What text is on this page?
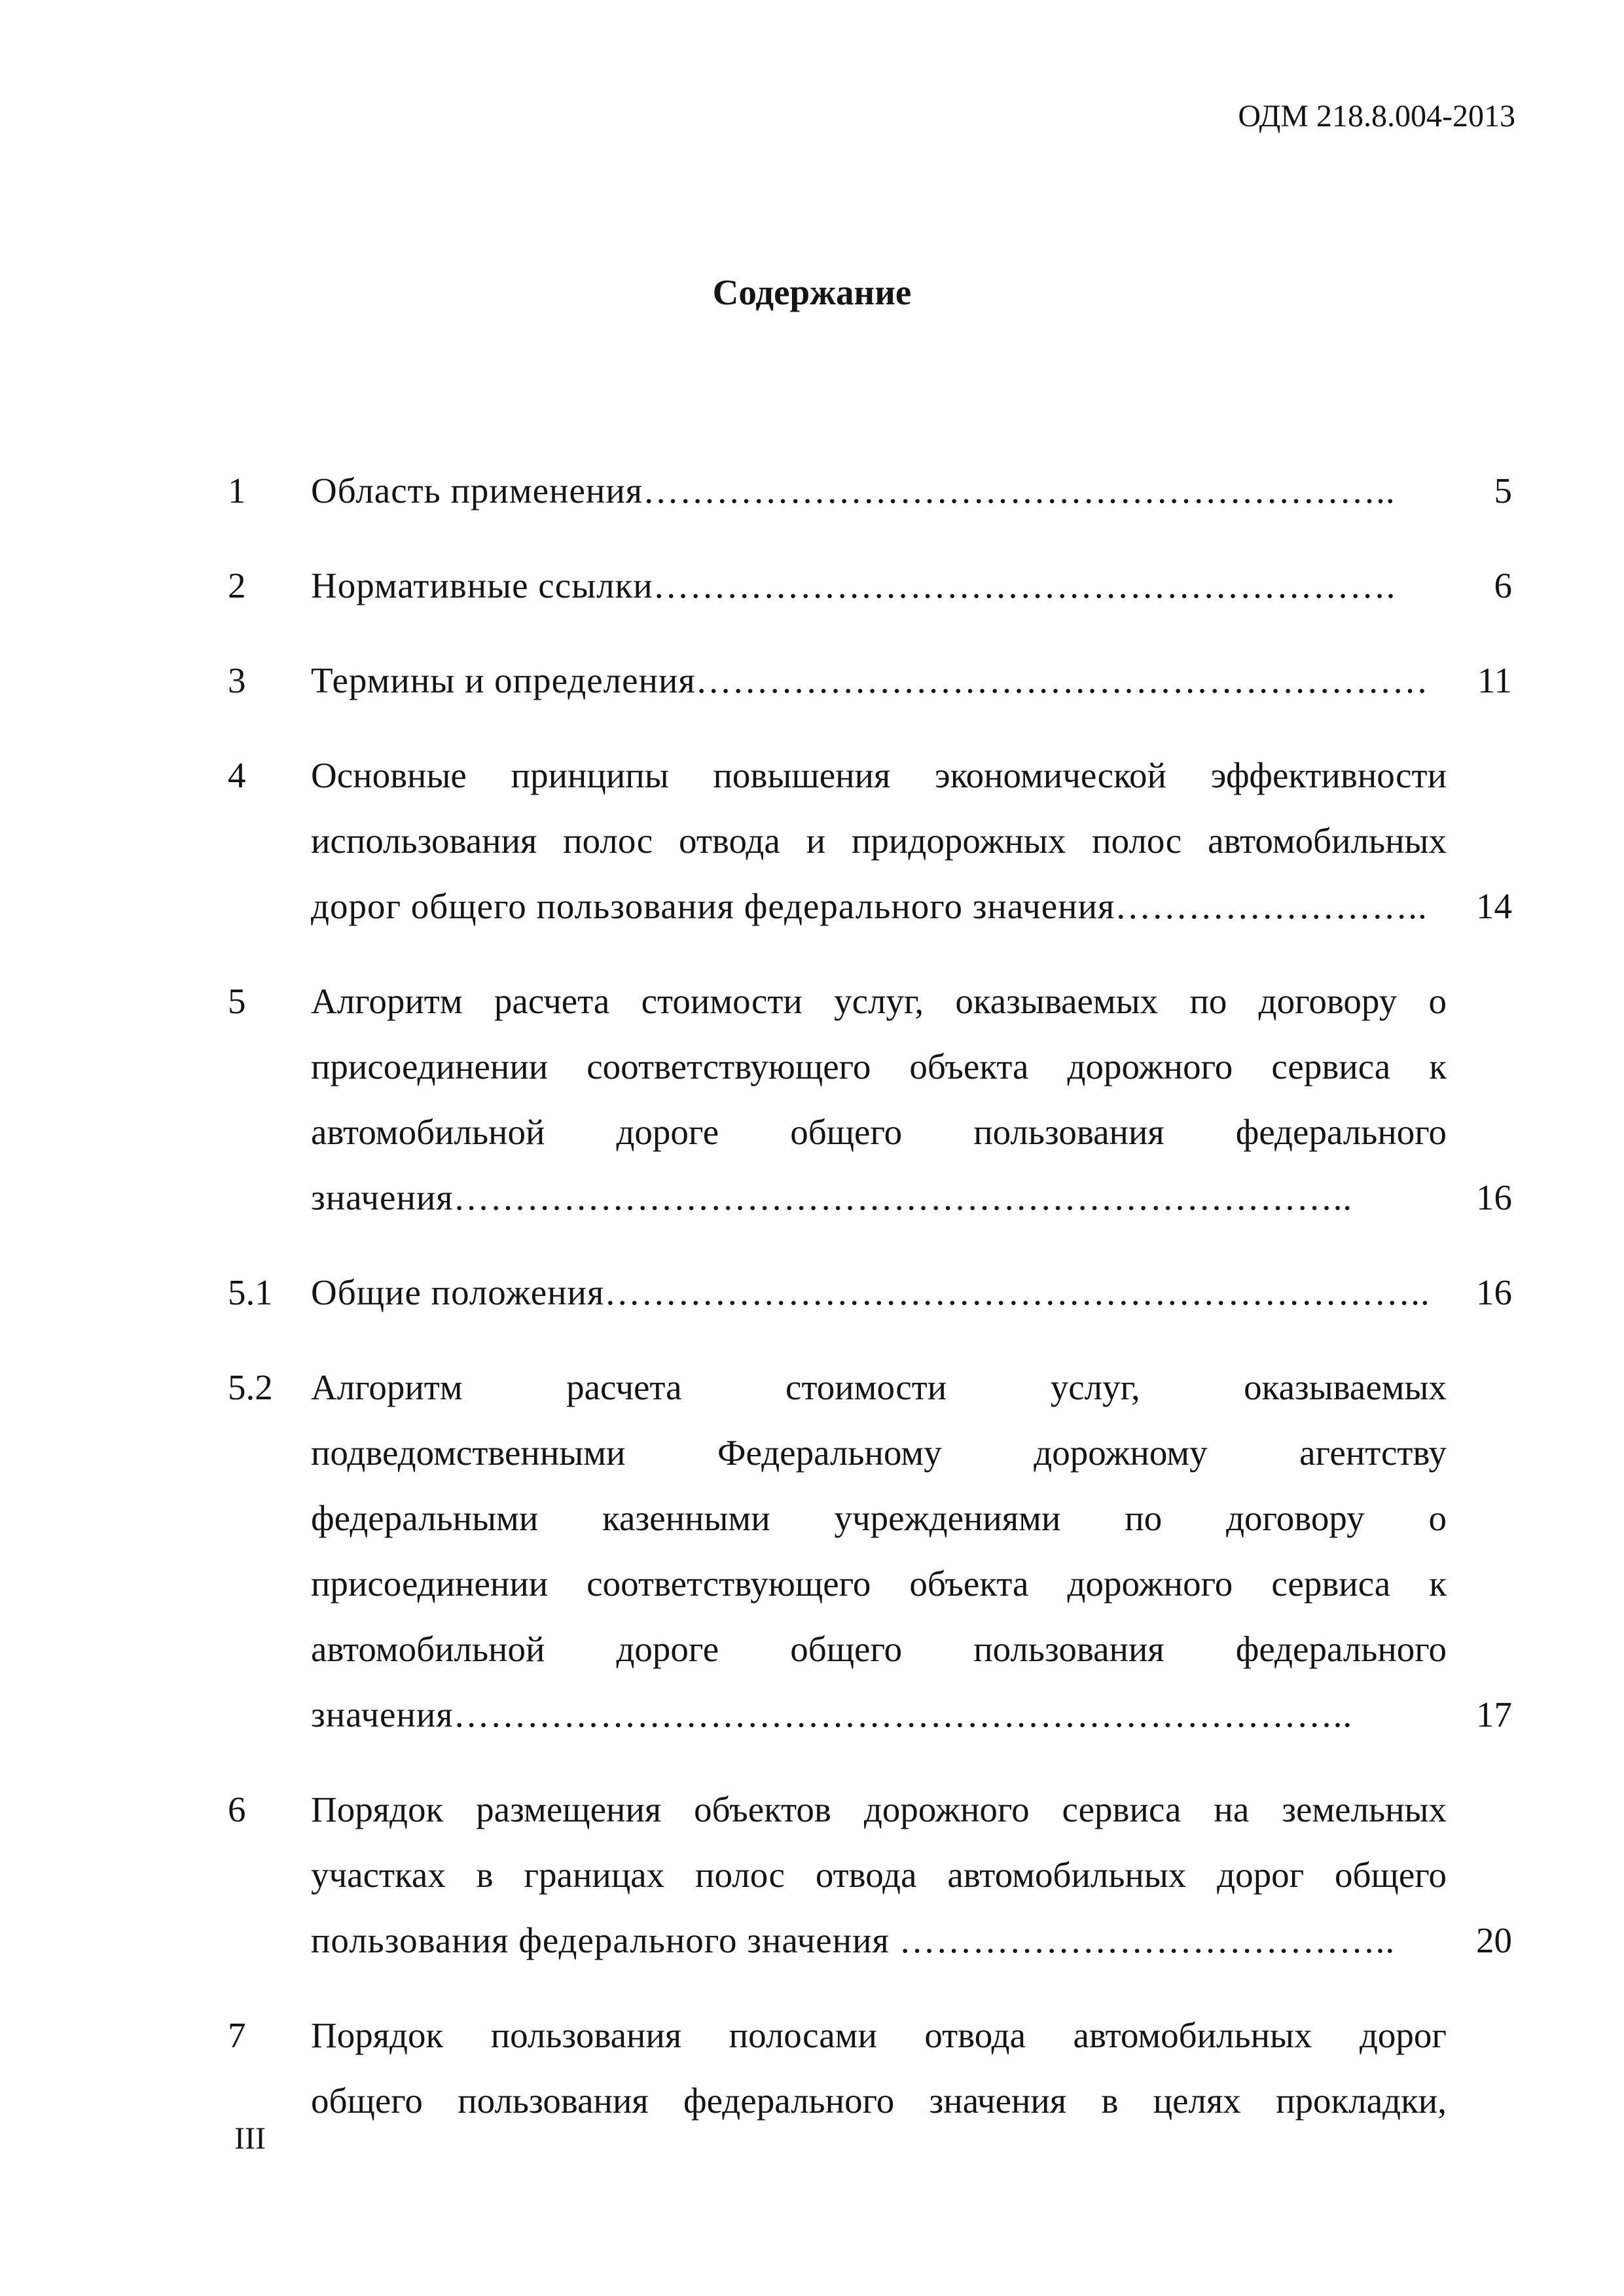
ОДМ 218.8.004-2013
Содержание
1 Область применения……………………………………………………..	5
2 Нормативные ссылки…………………………………………………….	6
3 Термины и определения……………………………………………………	11
4 Основные принципы повышения экономической эффективности
использования полос отвода и придорожных полос автомобильных
дорог общего пользования федерального значения……………………..	14
5 Алгоритм расчета стоимости услуг, оказываемых по договору о
присоединении соответствующего объекта дорожного сервиса к
автомобильной дороге общего пользования федерального
значения………………………………………………………………..	16
5.1 Общие положения…………………………………………………………..	16
5.2 Алгоритм расчета стоимости услуг, оказываемых
подведомственными Федеральному дорожному агентству
федеральными казенными учреждениями по договору о
присоединении соответствующего объекта дорожного сервиса к
автомобильной дороге общего пользования федерального
значения………………………………………………………………..	17
6 Порядок размещения объектов дорожного сервиса на земельных
участках в границах полос отвода автомобильных дорог общего
пользования федерального значения …………………………………..	20
7 Порядок пользования полосами отвода автомобильных дорог
общего пользования федерального значения в целях прокладки,
III
